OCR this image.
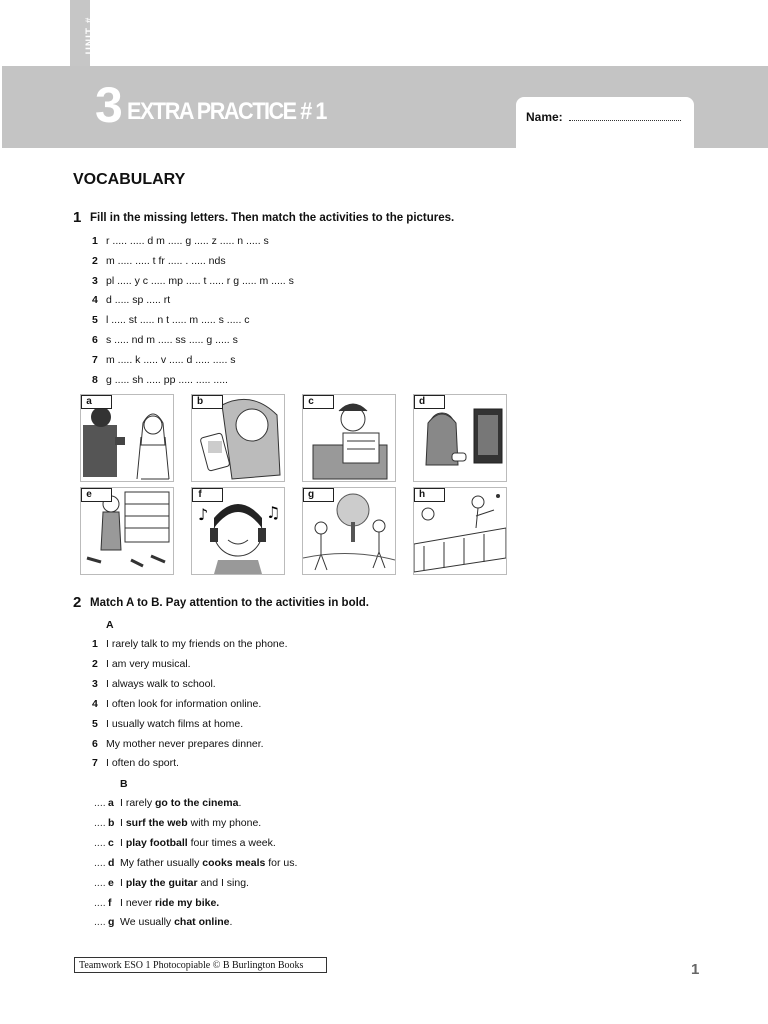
UNIT #
3 EXTRA PRACTICE # 1	Name:
VOCABULARY
1 Fill in the missing letters. Then match the activities to the pictures.
1 r ..... ..... d m ..... g ..... z ..... n ..... s
2 m ..... ..... t fr ..... . ..... nds
3 pl ..... y c ..... mp ..... t ..... r g ..... m ..... s
4 d ..... sp ..... rt
5 l ..... st ..... n t ..... m ..... s ..... c
6 s ..... nd m ..... ss ..... g ..... s
7 m ..... k ..... v ..... d ..... ..... s
8 g ..... sh ..... pp ..... ..... .....
a	b	c	d
e	f
♪	♫
g	h
2 Match A to B. Pay attention to the activities in bold.
A
1 I rarely talk to my friends on the phone.
2 I am very musical.
3 I always walk to school.
4 I often look for information online.
5 I usually watch films at home.
6 My mother never prepares dinner.
7 I often do sport.
B
.... a I rarely go to the cinema.
.... b I surf the web with my phone.
.... c I play football four times a week.
.... d My father usually cooks meals for us.
.... e I play the guitar and I sing.
.... f I never ride my bike.
.... g We usually chat online.
Teamwork ESO 1 Photocopiable © B Burlington Books	1
